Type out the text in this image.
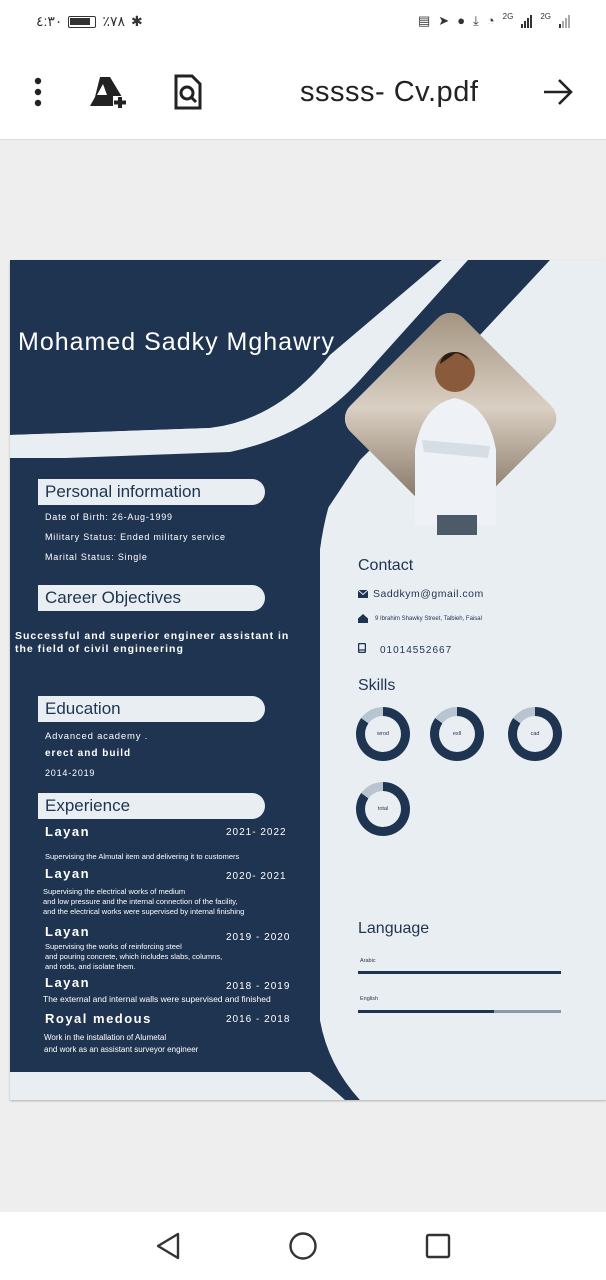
٤:٣٠	٪٧٨ ✱	▤ ➤ ● ⤓ ◔ 2G	2G
sssss- Cv.pdf
Mohamed Sadky Mghawry
Personal information
Date of Birth: 26-Aug-1999
Military Status: Ended military service
Marital Status: Single
Career Objectives
Successful and superior engineer assistant in
the field of civil engineering
Education
Advanced academy .
erect and build
2014-2019
Experience
Layan	2021- 2022
Supervising the Almutal item and delivering it to customers
Layan	2020- 2021
Supervising the electrical works of medium
and low pressure and the internal connection of the facility,
and the electrical works were supervised by internal finishing
Layan	2019 - 2020
Supervising the works of reinforcing steel
and pouring concrete, which includes slabs, columns,
and rods, and isolate them.
Layan	2018 - 2019
The external and internal walls were supervised and finished
Royal medous	2016 - 2018
Work in the installation of Alumetal
and work as an assistant surveyor engineer
Contact
Saddkym@gmail.com
9 Ibrahim Shawky Street, Talbieh, Faisal
01014552667
Skills
wrod	exll	cad
total
Language
Arabic
English
